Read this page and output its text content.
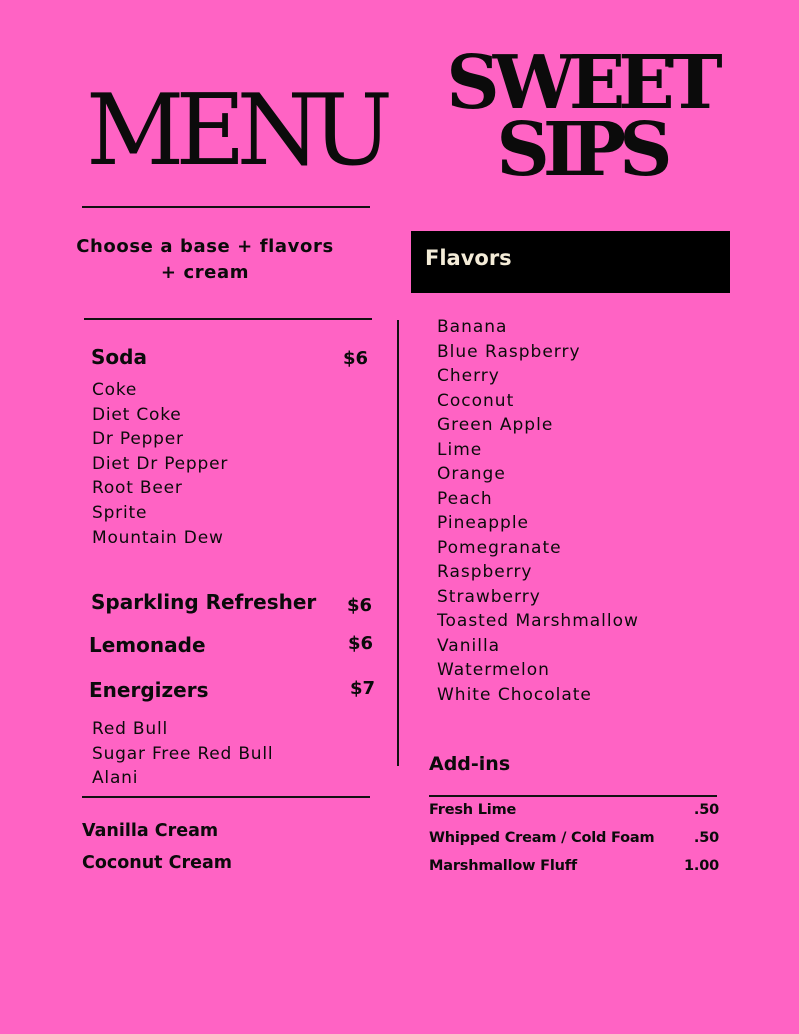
MENU SWEET
SIPS
Choose a base + flavors + cream
Soda	$6
Coke
Diet Coke
Dr Pepper
Diet Dr Pepper
Root Beer
Sprite
Mountain Dew
Sparkling Refresher $6
Lemonade	$6
Energizers	$7
Red Bull
Sugar Free Red Bull
Alani
Vanilla Cream
Coconut Cream
Flavors
Banana
Blue Raspberry
Cherry
Coconut
Green Apple
Lime
Orange
Peach
Pineapple
Pomegranate
Raspberry
Strawberry
Toasted Marshmallow
Vanilla
Watermelon
White Chocolate
Add-ins
Fresh Lime	.50
Whipped Cream / Cold Foam	.50
Marshmallow Fluff	1.00
